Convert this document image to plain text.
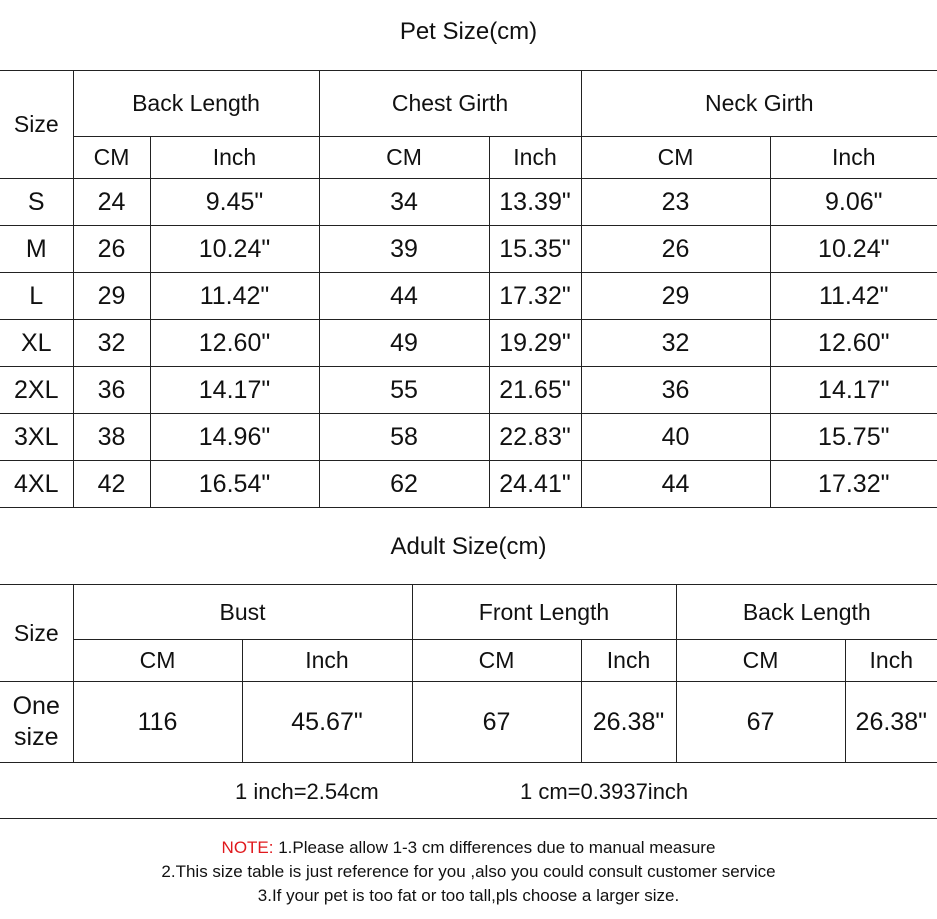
Pet Size(cm)
Size	Back Length		Chest Girth		Neck Girth	
	CM	Inch	CM	Inch	CM	Inch
S	24	9.45"	34	13.39"	23	9.06"
M	26	10.24"	39	15.35"	26	10.24"
L	29	11.42"	44	17.32"	29	11.42"
XL	32	12.60"	49	19.29"	32	12.60"
2XL	36	14.17"	55	21.65"	36	14.17"
3XL	38	14.96"	58	22.83"	40	15.75"
4XL	42	16.54"	62	24.41"	44	17.32"
Adult Size(cm)
Size	Bust		Front Length		Back Length	
	CM	Inch	CM	Inch	CM	Inch
One
size	116	45.67"	67	26.38"	67	26.38"
1 inch=2.54cm	1 cm=0.3937inch
NOTE: 1.Please allow 1-3 cm differences due to manual measure
2.This size table is just reference for you ,also you could consult customer service
3.If your pet is too fat or too tall,pls choose a larger size.
